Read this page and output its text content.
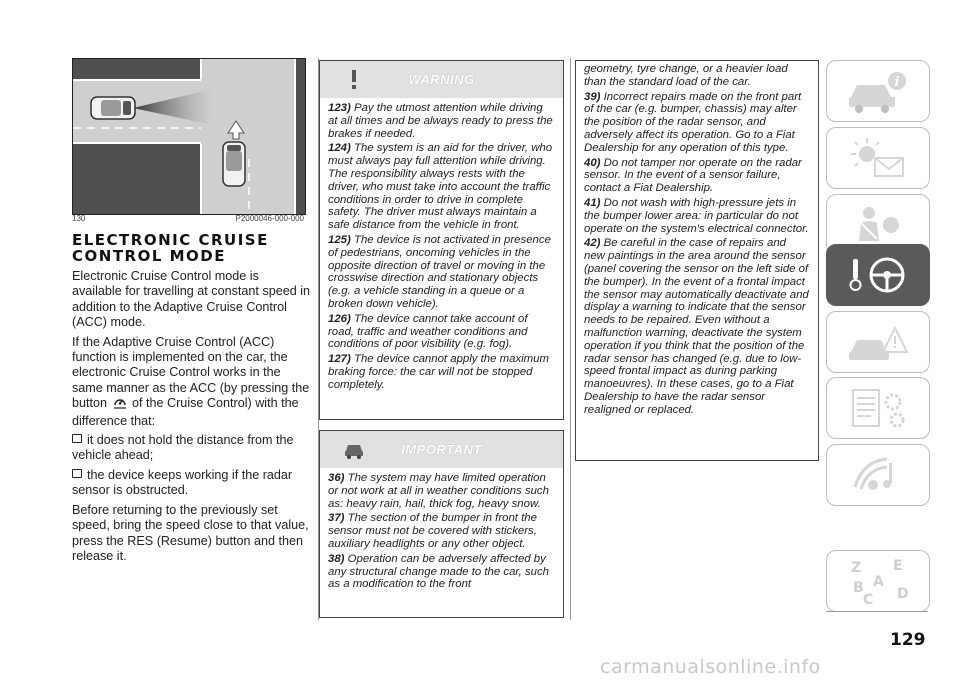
130	P2000046-000-000
ELECTRONIC CRUISE CONTROL MODE

Electronic Cruise Control mode is available for travelling at constant speed in addition to the Adaptive Cruise Control (ACC) mode.

If the Adaptive Cruise Control (ACC) function is implemented on the car, the electronic Cruise Control works in the same manner as the ACC (by pressing the button of the Cruise Control) with the difference that:

it does not hold the distance from the vehicle ahead;

the device keeps working if the radar sensor is obstructed.

Before returning to the previously set speed, bring the speed close to that value, press the RES (Resume) button and then release it.

WARNING

123) Pay the utmost attention while driving at all times and be always ready to press the brakes if needed.

124) The system is an aid for the driver, who must always pay full attention while driving. The responsibility always rests with the driver, who must take into account the traffic conditions in order to drive in complete safety. The driver must always maintain a safe distance from the vehicle in front.

125) The device is not activated in presence of pedestrians, oncoming vehicles in the opposite direction of travel or moving in the crosswise direction and stationary objects (e.g. a vehicle standing in a queue or a broken down vehicle).

126) The device cannot take account of road, traffic and weather conditions and conditions of poor visibility (e.g. fog).

127) The device cannot apply the maximum braking force: the car will not be stopped completely.

IMPORTANT

36) The system may have limited operation or not work at all in weather conditions such as: heavy rain, hail, thick fog, heavy snow.

37) The section of the bumper in front the sensor must not be covered with stickers, auxiliary headlights or any other object.

38) Operation can be adversely affected by any structural change made to the car, such as a modification to the front

geometry, tyre change, or a heavier load than the standard load of the car.

39) Incorrect repairs made on the front part of the car (e.g. bumper, chassis) may alter the position of the radar sensor, and adversely affect its operation. Go to a Fiat Dealership for any operation of this type.

40) Do not tamper nor operate on the radar sensor. In the event of a sensor failure, contact a Fiat Dealership.

41) Do not wash with high-pressure jets in the bumper lower area: in particular do not operate on the system's electrical connector.

42) Be careful in the case of repairs and new paintings in the area around the sensor (panel covering the sensor on the left side of the bumper). In the event of a frontal impact the sensor may automatically deactivate and display a warning to indicate that the sensor needs to be repaired. Even without a malfunction warning, deactivate the system operation if you think that the position of the radar sensor has changed (e.g. due to low-speed frontal impact as during parking manoeuvres). In these cases, go to a Fiat Dealership to have the radar sensor realigned or replaced.

i
Z E
A
B
C D
129
carmanualsonline.info
